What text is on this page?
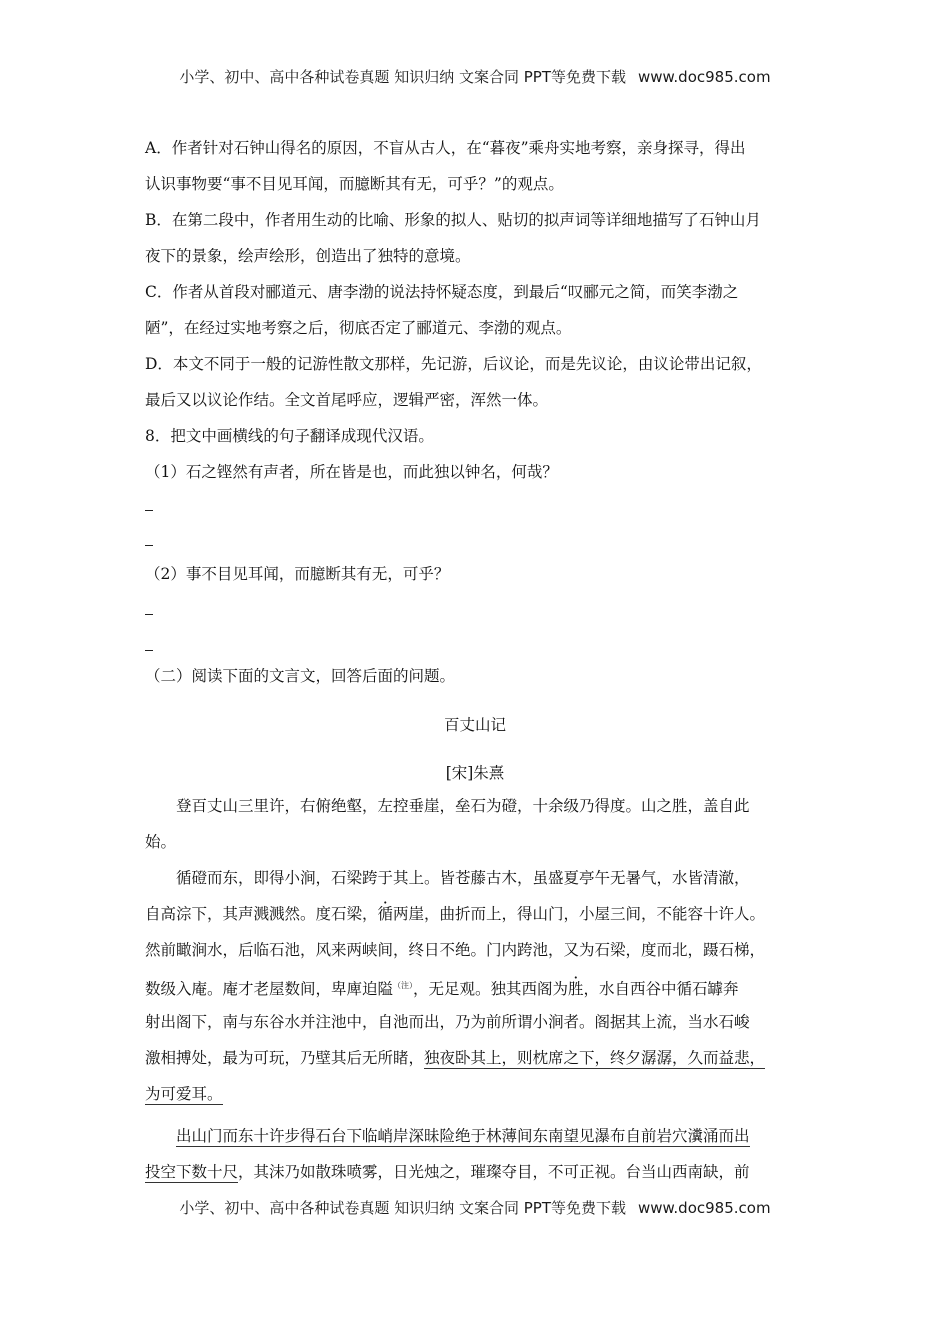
小学、初中、高中各种试卷真题 知识归纳 文案合同 PPT等免费下载 www.doc985.com
A．作者针对石钟山得名的原因，不盲从古人，在“暮夜”乘舟实地考察，亲身探寻，得出
认识事物要“事不目见耳闻，而臆断其有无，可乎？”的观点。
B．在第二段中，作者用生动的比喻、形象的拟人、贴切的拟声词等详细地描写了石钟山月
夜下的景象，绘声绘形，创造出了独特的意境。
C．作者从首段对郦道元、唐李渤的说法持怀疑态度，到最后“叹郦元之简，而笑李渤之
陋”，在经过实地考察之后，彻底否定了郦道元、李渤的观点。
D．本文不同于一般的记游性散文那样，先记游，后议论，而是先议论，由议论带出记叙，
最后又以议论作结。全文首尾呼应，逻辑严密，浑然一体。
8．把文中画横线的句子翻译成现代汉语。
（1）石之铿然有声者，所在皆是也，而此独以钟名，何哉？
（2）事不目见耳闻，而臆断其有无，可乎？
（二）阅读下面的文言文，回答后面的问题。
百丈山记
[宋]朱熹
登百丈山三里许，右俯绝壑，左控垂崖，垒石为磴，十余级乃得度。山之胜，盖自此
始。
循磴而东，即得小涧，石梁跨于其上。皆苍藤古木，虽盛夏亭午无暑气，水皆清澈，
自高淙下，其声溅溅然。度石梁，循两崖，曲折而上，得山门，小屋三间，不能容十许人。
然前瞰涧水，后临石池，风来两峡间，终日不绝。门内跨池，又为石梁，度而北，蹑石梯，
数级入庵。庵才老屋数间，卑庳迫隘$^{(注)}$，无足观。独其西阁为胜，水自西谷中循石罅奔
射出阁下，南与东谷水并注池中，自池而出，乃为前所谓小涧者。阁据其上流，当水石峻
激相搏处，最为可玩，乃壁其后无所睹，独夜卧其上，则枕席之下，终夕潺潺，久而益悲，
为可爱耳。
出山门而东十许步得石台下临峭岸深昧险绝于林薄间东南望见瀑布自前岩穴瀵涌而出
投空下数十尺，其沫乃如散珠喷雾，日光烛之，璀璨夺目，不可正视。台当山西南缺，前
小学、初中、高中各种试卷真题 知识归纳 文案合同 PPT等免费下载 www.doc985.com
